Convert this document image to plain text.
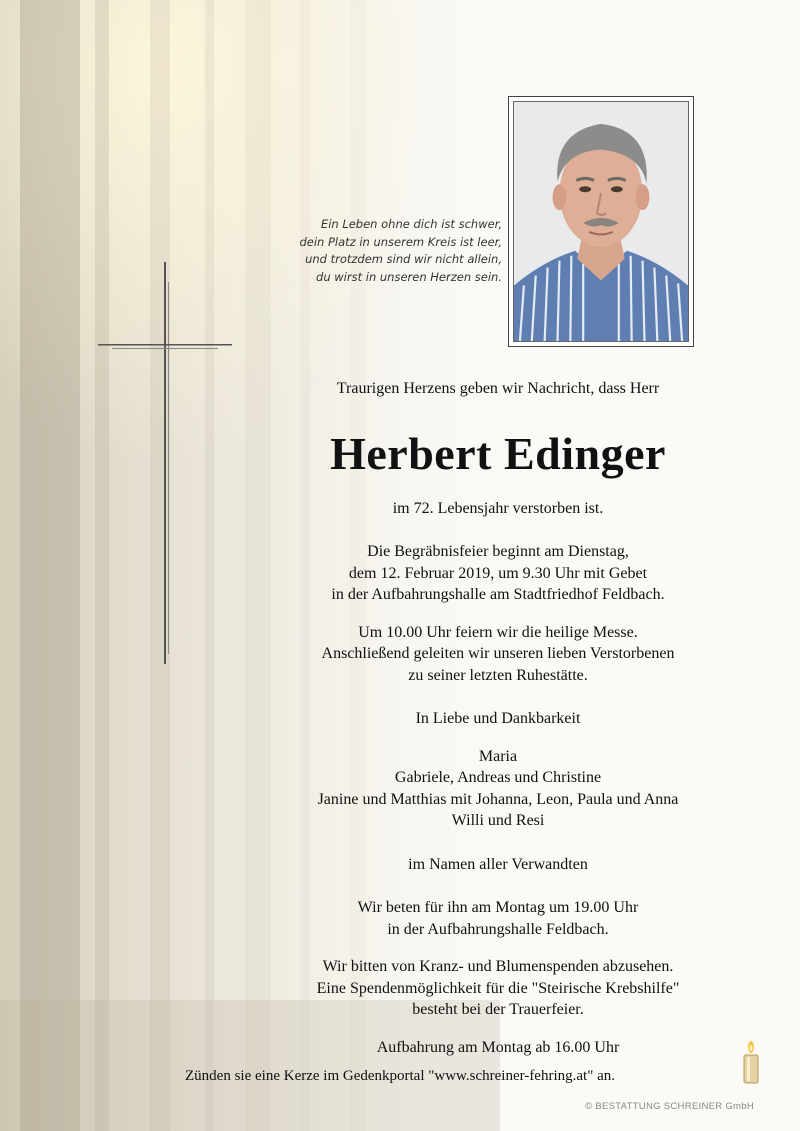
Ein Leben ohne dich ist schwer,
dein Platz in unserem Kreis ist leer,
und trotzdem sind wir nicht allein,
du wirst in unseren Herzen sein.

Traurigen Herzens geben wir Nachricht, dass Herr

Herbert Edinger

im 72. Lebensjahr verstorben ist.

Die Begräbnisfeier beginnt am Dienstag,
dem 12. Februar 2019, um 9.30 Uhr mit Gebet
in der Aufbahrungshalle am Stadtfriedhof Feldbach.

Um 10.00 Uhr feiern wir die heilige Messe.
Anschließend geleiten wir unseren lieben Verstorbenen
zu seiner letzten Ruhestätte.

In Liebe und Dankbarkeit

Maria
Gabriele, Andreas und Christine
Janine und Matthias mit Johanna, Leon, Paula und Anna
Willi und Resi

im Namen aller Verwandten

Wir beten für ihn am Montag um 19.00 Uhr
in der Aufbahrungshalle Feldbach.

Wir bitten von Kranz- und Blumenspenden abzusehen.
Eine Spendenmöglichkeit für die "Steirische Krebshilfe"
besteht bei der Trauerfeier.

Aufbahrung am Montag ab 16.00 Uhr

Zünden sie eine Kerze im Gedenkportal "www.schreiner-fehring.at" an.
© BESTATTUNG SCHREINER GmbH
